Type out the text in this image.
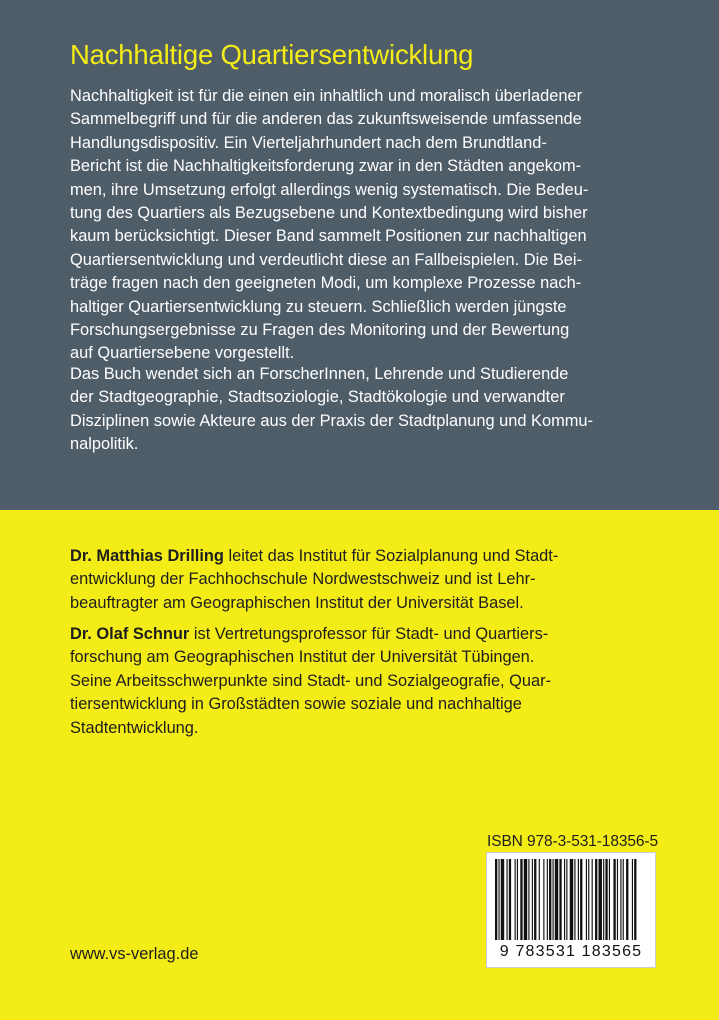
Nachhaltige Quartiersentwicklung

Nachhaltigkeit ist für die einen ein inhaltlich und moralisch überladener
Sammelbegriff und für die anderen das zukunftsweisende umfassende
Handlungsdispositiv. Ein Vierteljahrhundert nach dem Brundtland-
Bericht ist die Nachhaltigkeitsforderung zwar in den Städten angekom-
men, ihre Umsetzung erfolgt allerdings wenig systematisch. Die Bedeu-
tung des Quartiers als Bezugsebene und Kontextbedingung wird bisher
kaum berücksichtigt. Dieser Band sammelt Positionen zur nachhaltigen
Quartiersentwicklung und verdeutlicht diese an Fallbeispielen. Die Bei-
träge fragen nach den geeigneten Modi, um komplexe Prozesse nach-
haltiger Quartiersentwicklung zu steuern. Schließlich werden jüngste
Forschungsergebnisse zu Fragen des Monitoring und der Bewertung
auf Quartiersebene vorgestellt.

Das Buch wendet sich an ForscherInnen, Lehrende und Studierende
der Stadtgeographie, Stadtsoziologie, Stadtökologie und verwandter
Disziplinen sowie Akteure aus der Praxis der Stadtplanung und Kommu-
nalpolitik.

Dr. Matthias Drilling leitet das Institut für Sozialplanung und Stadt-
entwicklung der Fachhochschule Nordwestschweiz und ist Lehr-
beauftragter am Geographischen Institut der Universität Basel.

Dr. Olaf Schnur ist Vertretungsprofessor für Stadt- und Quartiers-
forschung am Geographischen Institut der Universität Tübingen.
Seine Arbeitsschwerpunkte sind Stadt- und Sozialgeografie, Quar-
tiersentwicklung in Großstädten sowie soziale und nachhaltige
Stadtentwicklung.

ISBN 978-3-531-18356-5
9 783531 183565
www.vs-verlag.de
